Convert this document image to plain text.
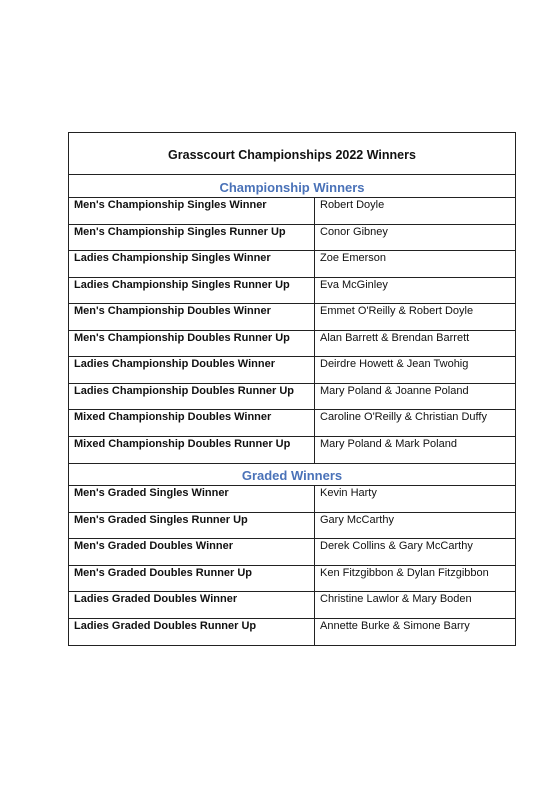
Grasscourt Championships 2022 Winners
Championship Winners
Men's Championship Singles Winner	Robert Doyle
Men's Championship Singles Runner Up	Conor Gibney
Ladies Championship Singles Winner	Zoe Emerson
Ladies Championship Singles Runner Up	Eva McGinley
Men's Championship Doubles Winner	Emmet O'Reilly & Robert Doyle
Men's Championship Doubles Runner Up	Alan Barrett & Brendan Barrett
Ladies Championship Doubles Winner	Deirdre Howett & Jean Twohig
Ladies Championship Doubles Runner Up	Mary Poland & Joanne Poland
Mixed Championship Doubles Winner	Caroline O'Reilly & Christian Duffy
Mixed Championship Doubles Runner Up	Mary Poland & Mark Poland
Graded Winners
Men's Graded Singles Winner	Kevin Harty
Men's Graded Singles Runner Up	Gary McCarthy
Men's Graded Doubles Winner	Derek Collins & Gary McCarthy
Men's Graded Doubles Runner Up	Ken Fitzgibbon & Dylan Fitzgibbon
Ladies Graded Doubles Winner	Christine Lawlor & Mary Boden
Ladies Graded Doubles Runner Up	Annette Burke & Simone Barry
